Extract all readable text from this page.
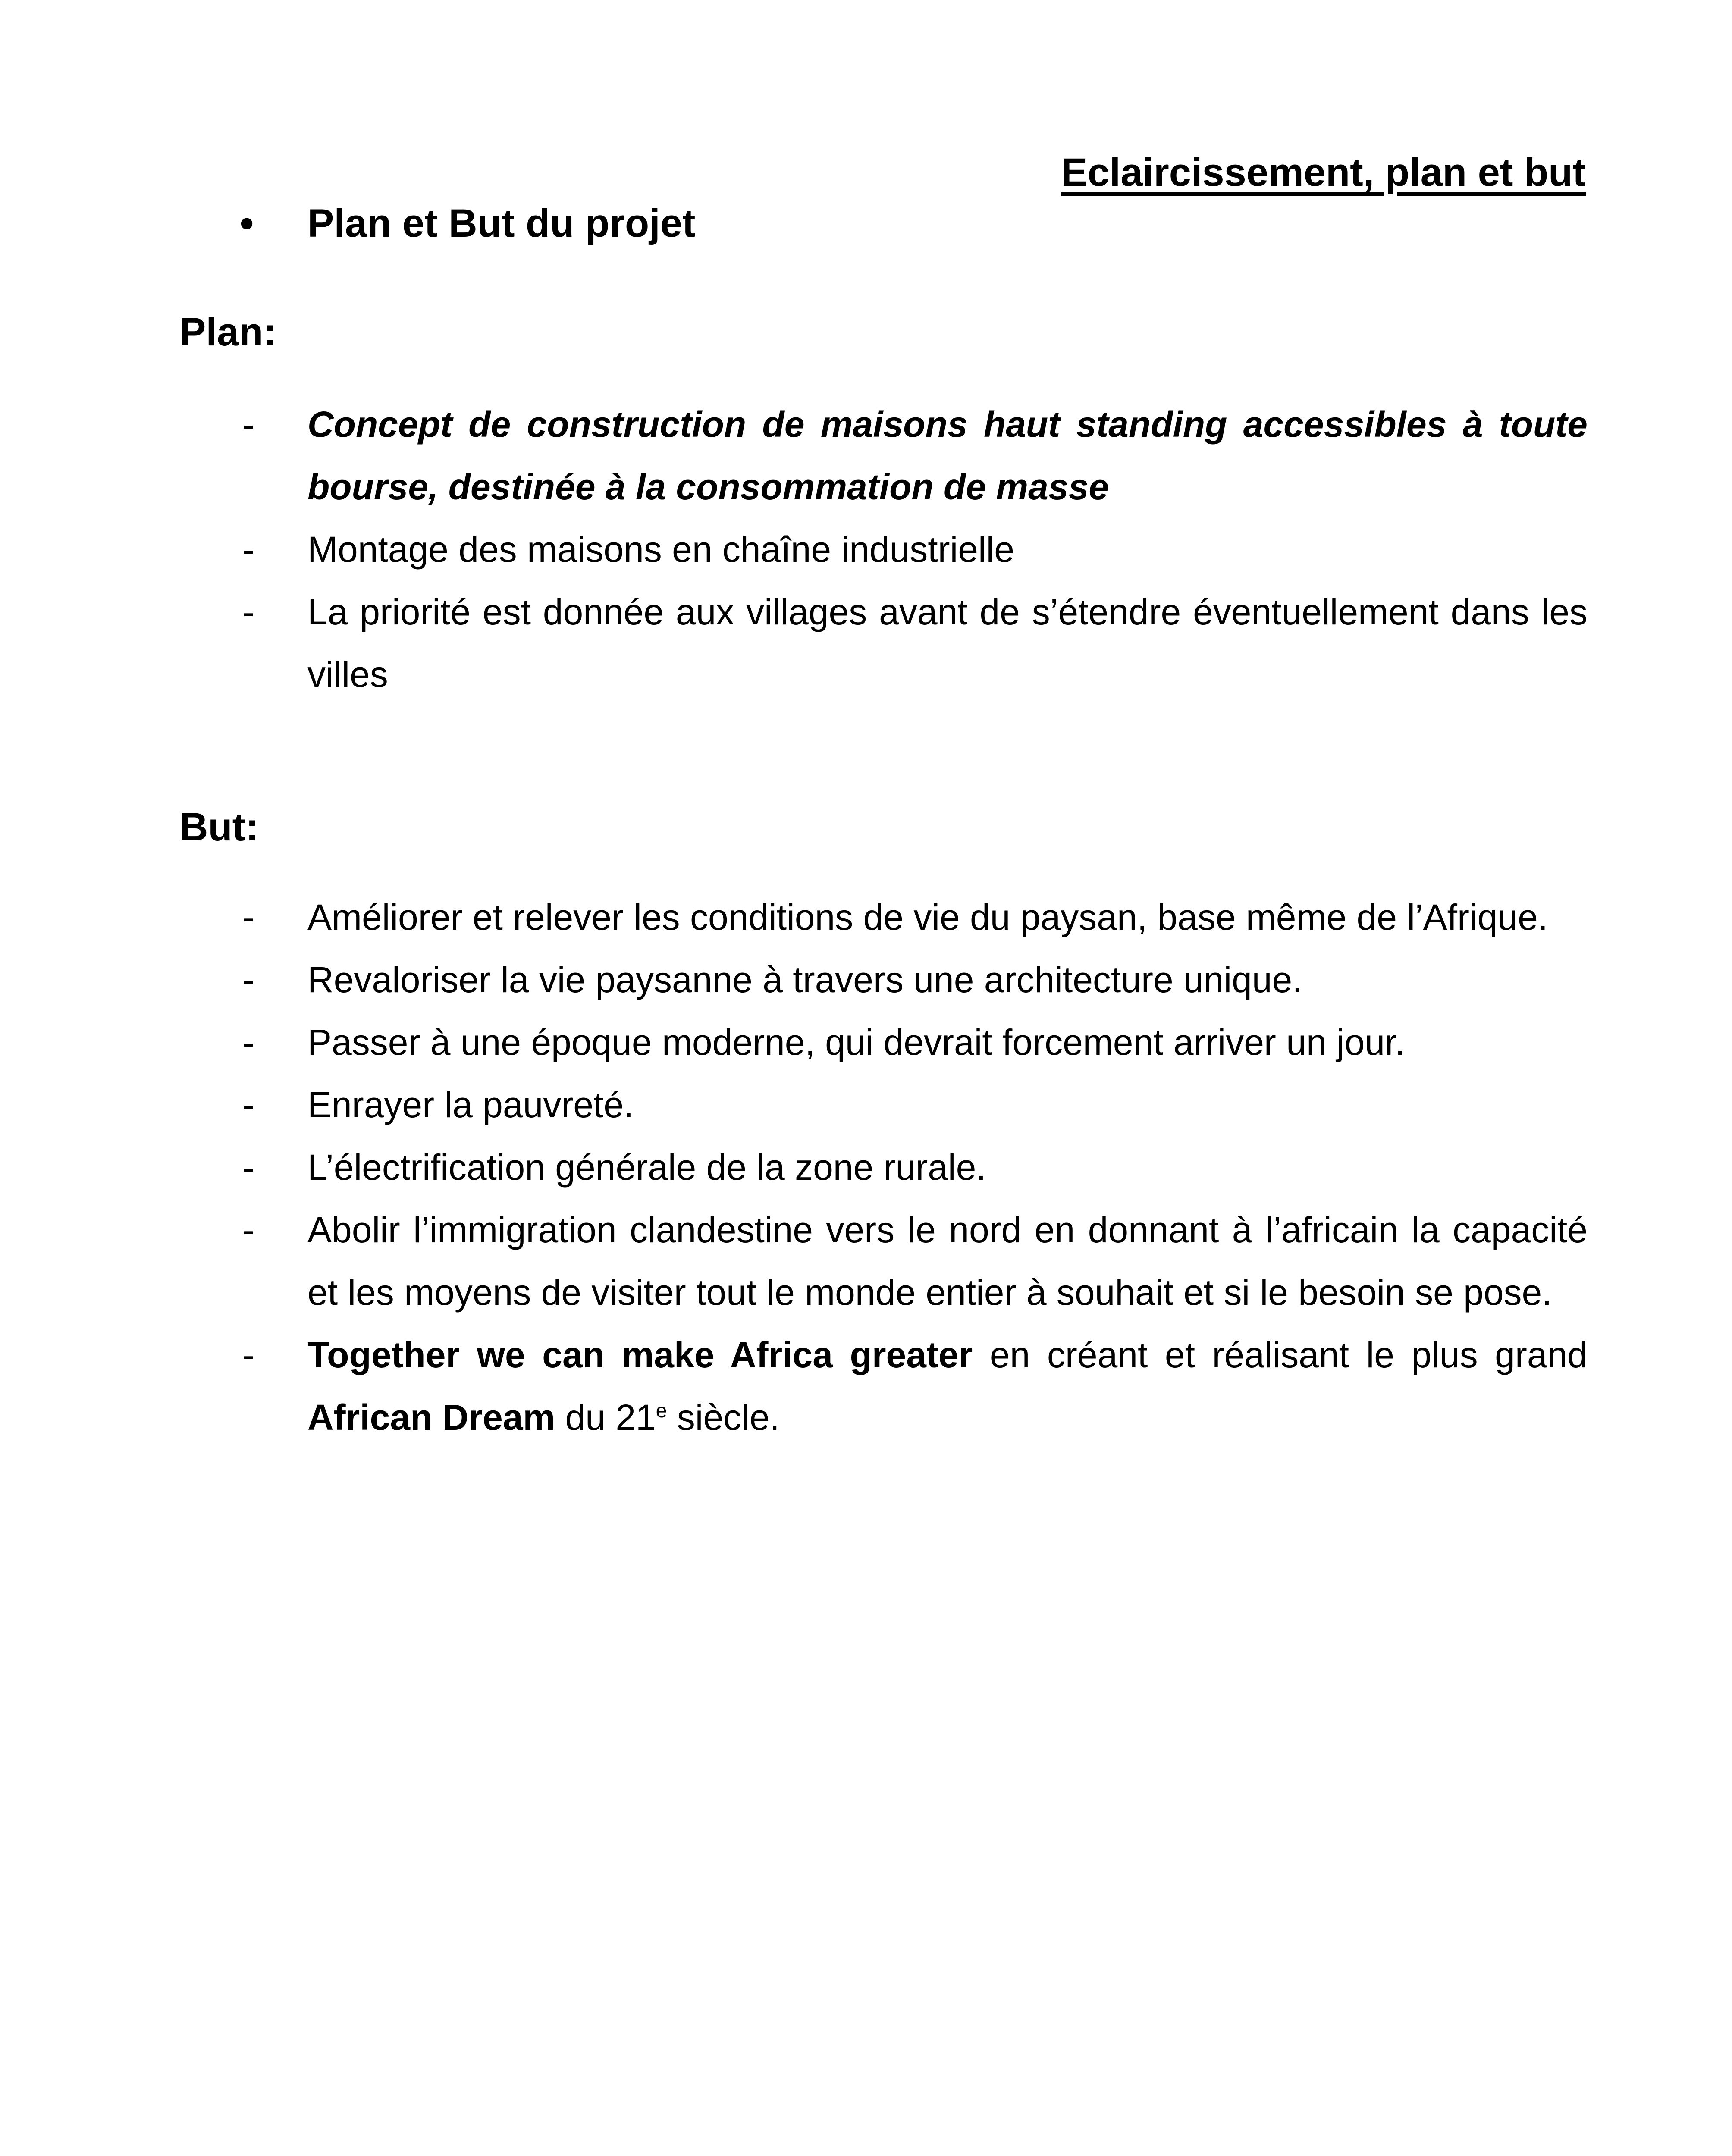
Eclaircissement, plan et but
•	Plan et But du projet
Plan:
- Concept de construction de maisons haut standing accessibles à toute bourse, destinée à la consommation de masse
- Montage des maisons en chaîne industrielle
- La priorité est donnée aux villages avant de s’étendre éventuellement dans les villes
But:
- Améliorer et relever les conditions de vie du paysan, base même de l’Afrique.
- Revaloriser la vie paysanne à travers une architecture unique.
- Passer à une époque moderne, qui devrait forcement arriver un jour.
- Enrayer la pauvreté.
- L’électrification générale de la zone rurale.
- Abolir l’immigration clandestine vers le nord en donnant à l’africain la capacité et les moyens de visiter tout le monde entier à souhait et si le besoin se pose.
- Together we can make Africa greater en créant et réalisant le plus grand African Dream du 21e siècle.
